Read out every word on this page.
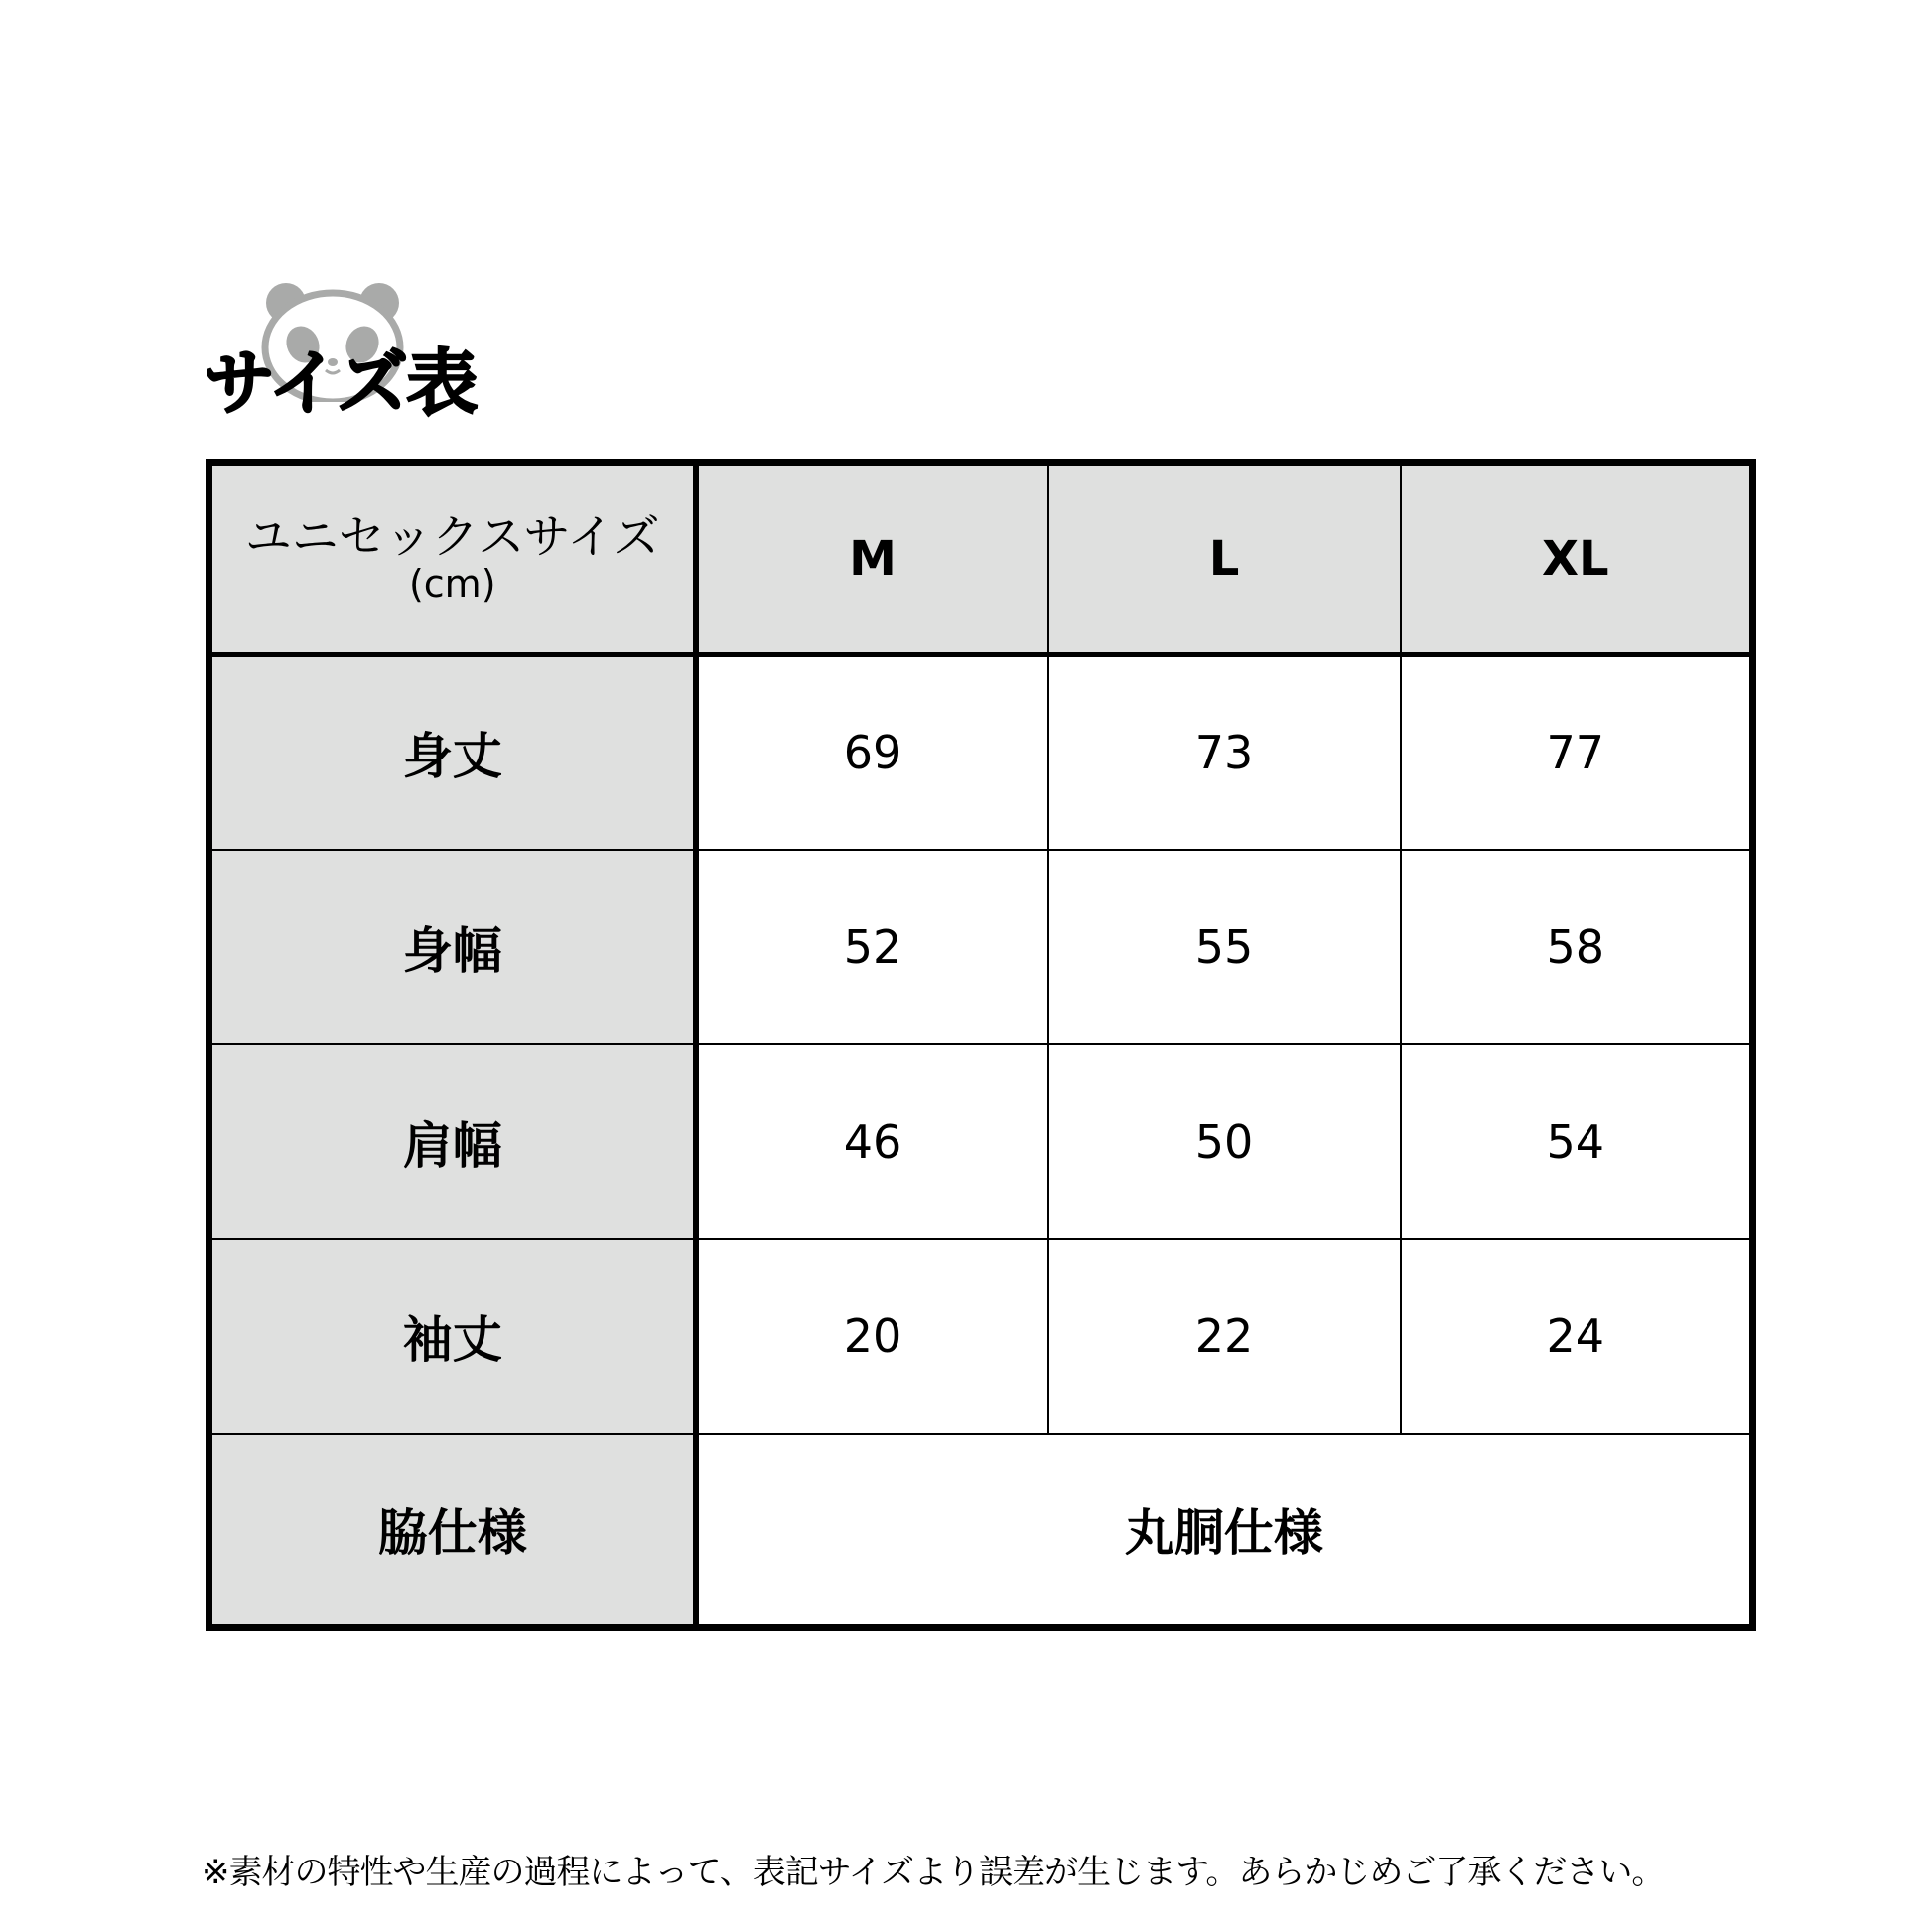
サイズ表
ユニセックスサイズ
(cm)	M	L	XL
身丈	69	73	77
身幅	52	55	58
肩幅	46	50	54
袖丈	20	22	24
脇仕様	丸胴仕様		
※素材の特性や生産の過程によって、表記サイズより誤差が生じます。あらかじめご了承ください。
